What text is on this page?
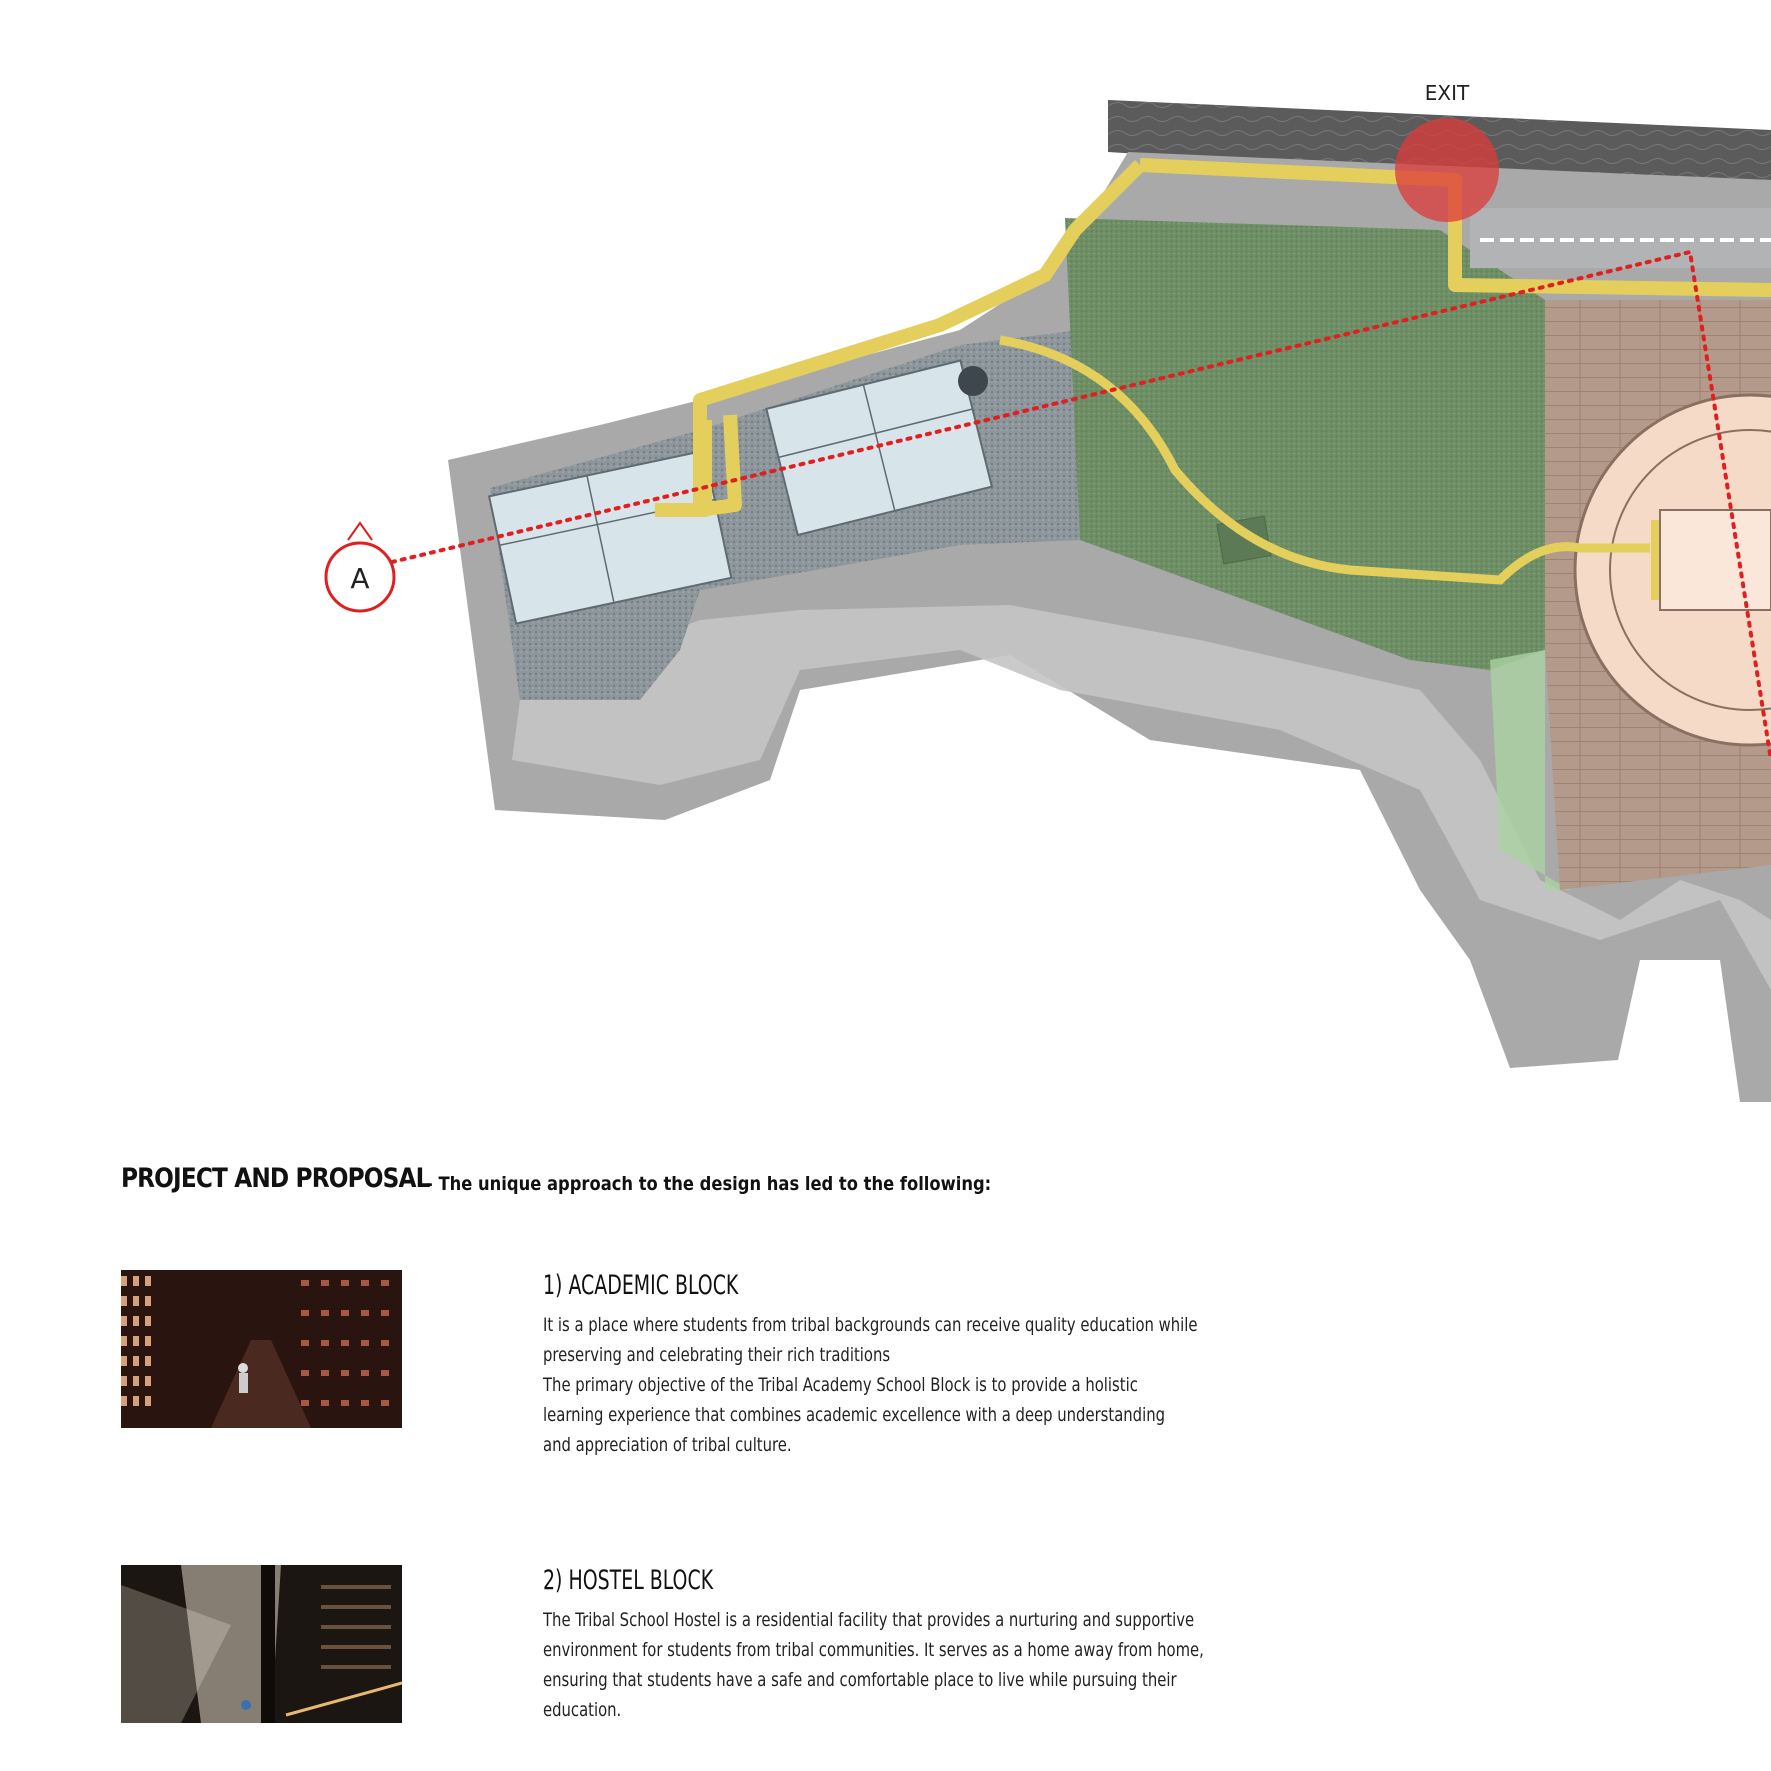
EXIT
A
PROJECT AND PROPOSAL
- The unique approach to the design has led to the following:
1) ACADEMIC BLOCK

It is a place where students from tribal backgrounds can receive quality education while

preserving and celebrating their rich traditions

The primary objective of the Tribal Academy School Block is to provide a holistic

learning experience that combines academic excellence with a deep understanding

and appreciation of tribal culture.

2) HOSTEL BLOCK

The Tribal School Hostel is a residential facility that provides a nurturing and supportive

environment for students from tribal communities. It serves as a home away from home,

ensuring that students have a safe and comfortable place to live while pursuing their

education.
